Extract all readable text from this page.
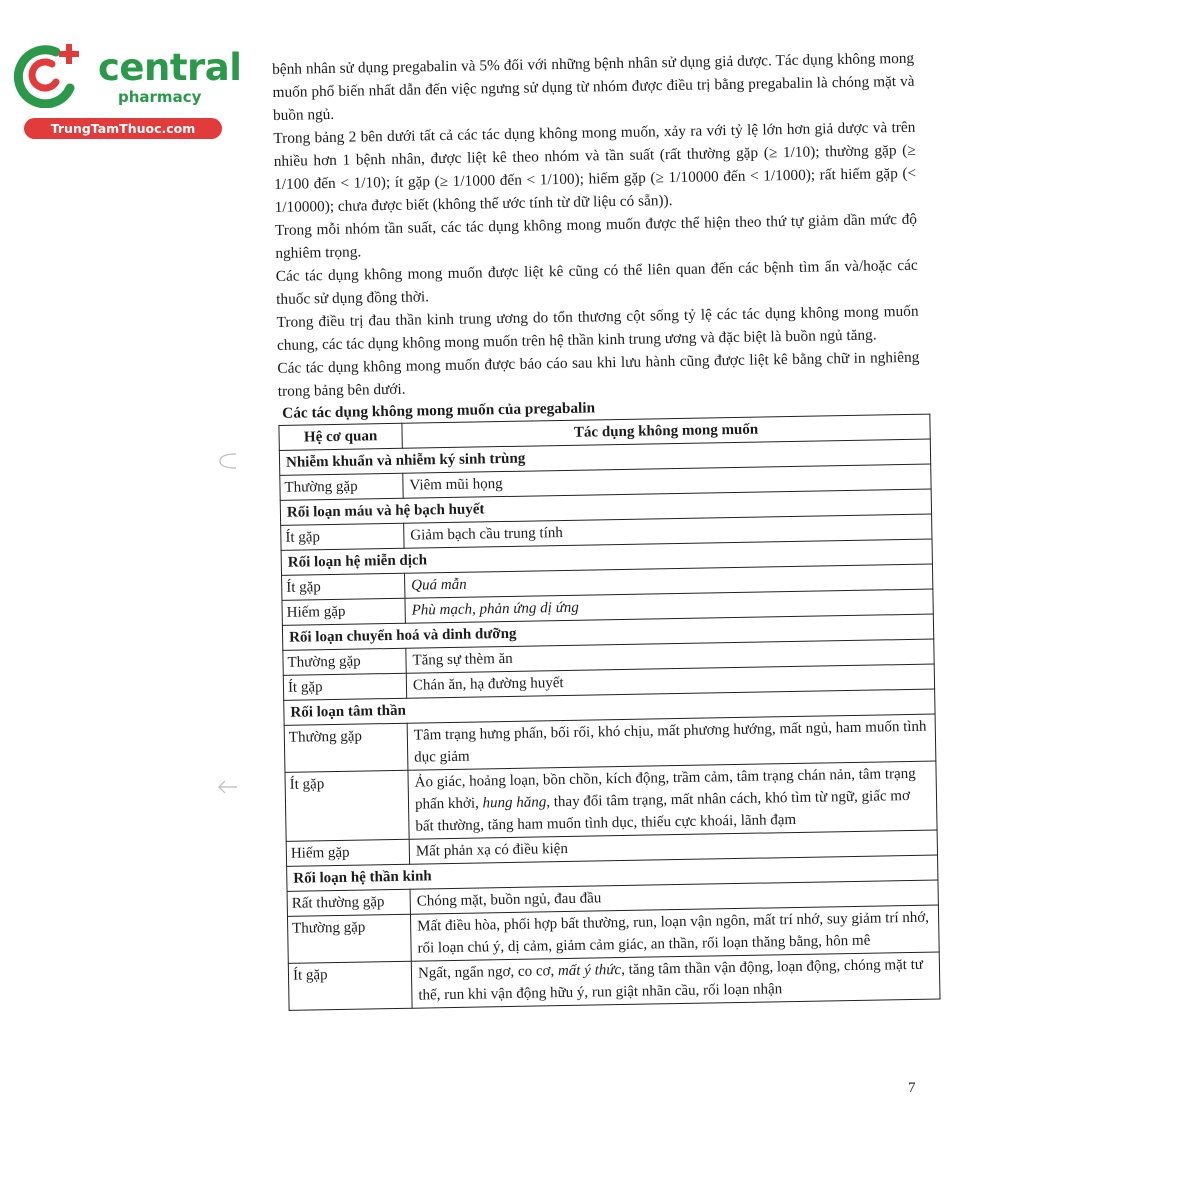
central
pharmacy
TrungTamThuoc.com

bệnh nhân sử dụng pregabalin và 5% đối với những bệnh nhân sử dụng giả dược. Tác dụng không mong muốn phổ biến nhất dẫn đến việc ngưng sử dụng từ nhóm được điều trị bằng pregabalin là chóng mặt và buồn ngủ.

Trong bảng 2 bên dưới tất cả các tác dụng không mong muốn, xảy ra với tỷ lệ lớn hơn giả dược và trên nhiều hơn 1 bệnh nhân, được liệt kê theo nhóm và tần suất (rất thường gặp (≥ 1/10); thường gặp (≥ 1/100 đến < 1/10); ít gặp (≥ 1/1000 đến < 1/100); hiếm gặp (≥ 1/10000 đến < 1/1000); rất hiếm gặp (< 1/10000); chưa được biết (không thể ước tính từ dữ liệu có sẵn)).

Trong mỗi nhóm tần suất, các tác dụng không mong muốn được thể hiện theo thứ tự giảm dần mức độ nghiêm trọng.

Các tác dụng không mong muốn được liệt kê cũng có thể liên quan đến các bệnh tìm ẩn và/hoặc các thuốc sử dụng đồng thời.

Trong điều trị đau thần kinh trung ương do tổn thương cột sống tỷ lệ các tác dụng không mong muốn chung, các tác dụng không mong muốn trên hệ thần kinh trung ương và đặc biệt là buồn ngủ tăng.

Các tác dụng không mong muốn được báo cáo sau khi lưu hành cũng được liệt kê bằng chữ in nghiêng trong bảng bên dưới.

Các tác dụng không mong muốn của pregabalin

Hệ cơ quan	Tác dụng không mong muốn
Nhiễm khuẩn và nhiễm ký sinh trùng	
Thường gặp	Viêm mũi họng
Rối loạn máu và hệ bạch huyết	
Ít gặp	Giảm bạch cầu trung tính
Rối loạn hệ miễn dịch	
Ít gặp	Quá mẫn
Hiếm gặp	Phù mạch, phản ứng dị ứng
Rối loạn chuyển hoá và dinh dưỡng	
Thường gặp	Tăng sự thèm ăn
Ít gặp	Chán ăn, hạ đường huyết
Rối loạn tâm thần	
Thường gặp	Tâm trạng hưng phấn, bối rối, khó chịu, mất phương hướng, mất ngủ, ham muốn tình dục giảm
Ít gặp	Ảo giác, hoảng loạn, bồn chồn, kích động, trầm cảm, tâm trạng chán nản, tâm trạng phấn khởi, hung hăng, thay đổi tâm trạng, mất nhân cách, khó tìm từ ngữ, giấc mơ bất thường, tăng ham muốn tình dục, thiếu cực khoái, lãnh đạm
Hiếm gặp	Mất phản xạ có điều kiện
Rối loạn hệ thần kinh	
Rất thường gặp	Chóng mặt, buồn ngủ, đau đầu
Thường gặp	Mất điều hòa, phối hợp bất thường, run, loạn vận ngôn, mất trí nhớ, suy giảm trí nhớ, rối loạn chú ý, dị cảm, giảm cảm giác, an thần, rối loạn thăng bằng, hôn mê
Ít gặp	Ngất, ngẩn ngơ, co cơ, mất ý thức, tăng tâm thần vận động, loạn động, chóng mặt tư thế, run khi vận động hữu ý, run giật nhãn cầu, rối loạn nhận
7
